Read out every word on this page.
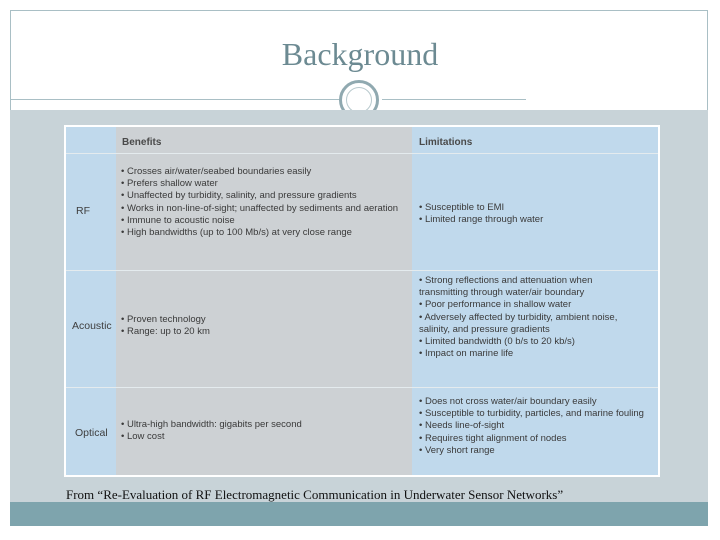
Background
Benefits	Limitations
RF
• Crosses air/water/seabed boundaries easily
• Prefers shallow water
• Unaffected by turbidity, salinity, and pressure gradients
• Works in non-line-of-sight; unaffected by sediments and aeration
• Immune to acoustic noise
• High bandwidths (up to 100 Mb/s) at very close range
• Susceptible to EMI
• Limited range through water
Acoustic
• Proven technology
• Range: up to 20 km
• Strong reflections and attenuation when
transmitting through water/air boundary
• Poor performance in shallow water
• Adversely affected by turbidity, ambient noise,
salinity, and pressure gradients
• Limited bandwidth (0 b/s to 20 kb/s)
• Impact on marine life
Optical
• Ultra-high bandwidth: gigabits per second
• Low cost
• Does not cross water/air boundary easily
• Susceptible to turbidity, particles, and marine fouling
• Needs line-of-sight
• Requires tight alignment of nodes
• Very short range
From “Re-Evaluation of RF Electromagnetic Communication in Underwater Sensor Networks”
